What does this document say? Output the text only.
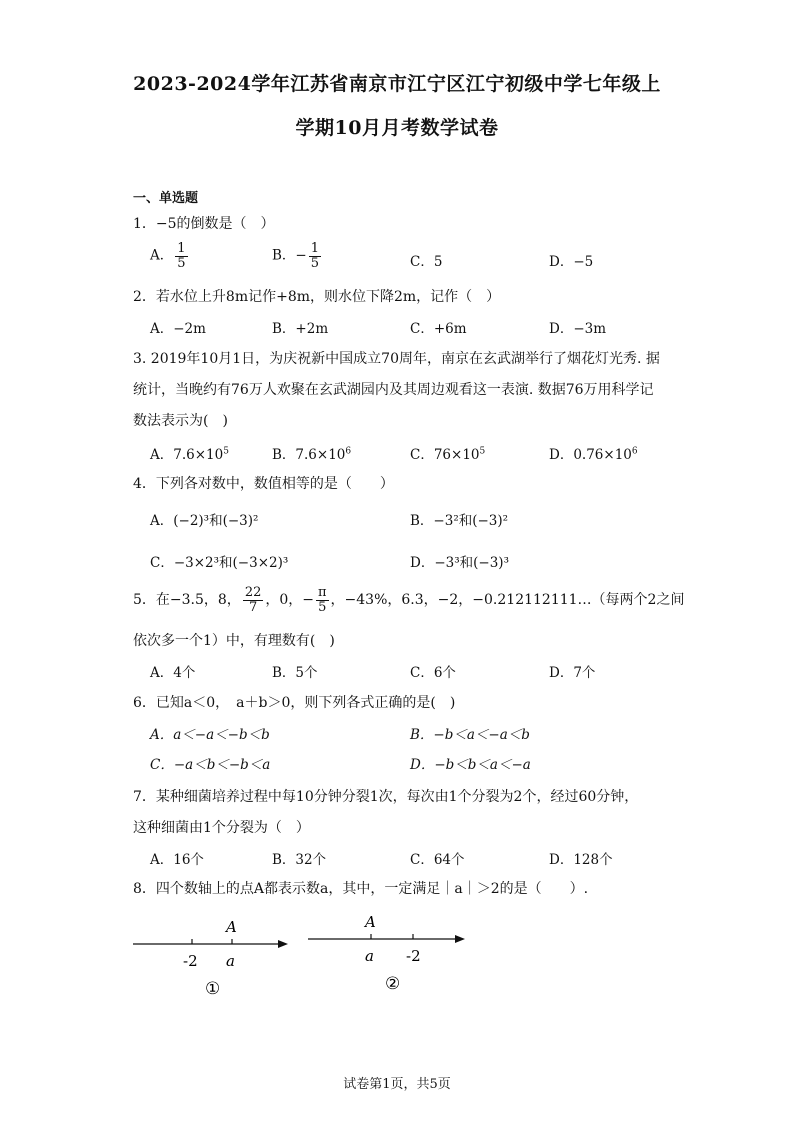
2023-2024学年江苏省南京市江宁区江宁初级中学七年级上
学期10月月考数学试卷
一、单选题
1．−5的倒数是（　）
A． $\frac{1}{5}$	B．− $\frac{1}{5}$	C．5	D．−5
2．若水位上升8m记作+8m，则水位下降2m，记作（　）
A．−2m	B．+2m	C．+6m	D．−3m
3. 2019年10月1日，为庆祝新中国成立70周年，南京在玄武湖举行了烟花灯光秀. 据
统计，当晚约有76万人欢聚在玄武湖园内及其周边观看这一表演. 数据76万用科学记
数法表示为(　)
A．$7.6\times 10^5$	B．$7.6\times 10^6$	C．$76\times 10^5$	D．$0.76\times 10^6$
4．下列各对数中，数值相等的是（　　）
A．(−2)³和(−3)²	B．−3²和(−3)²
C．−3×2³和(−3×2)³	D．−3³和(−3)³
5．在−3.5，8， $\frac{22}{7}$ ，0，− $\frac{\pi}{5}$ ，−43%，6.3，−2，−0.212112111…（每两个2之间
依次多一个1）中，有理数有(　)
A．4个	B．5个	C．6个	D．7个
6．已知a＜0，　a＋b＞0，则下列各式正确的是(　)
A．a＜−a＜−b＜b	B．−b＜a＜−a＜b
C．−a＜b＜−b＜a	D．−b＜b＜a＜−a
7．某种细菌培养过程中每10分钟分裂1次，每次由1个分裂为2个，经过60分钟，
这种细菌由1个分裂为（　）
A．16个	B．32个	C．64个	D．128个
8．四个数轴上的点A都表示数a，其中，一定满足｜a｜＞2的是（　　）.
A
-2 a
①
A
a -2
②
试卷第1页，共5页
